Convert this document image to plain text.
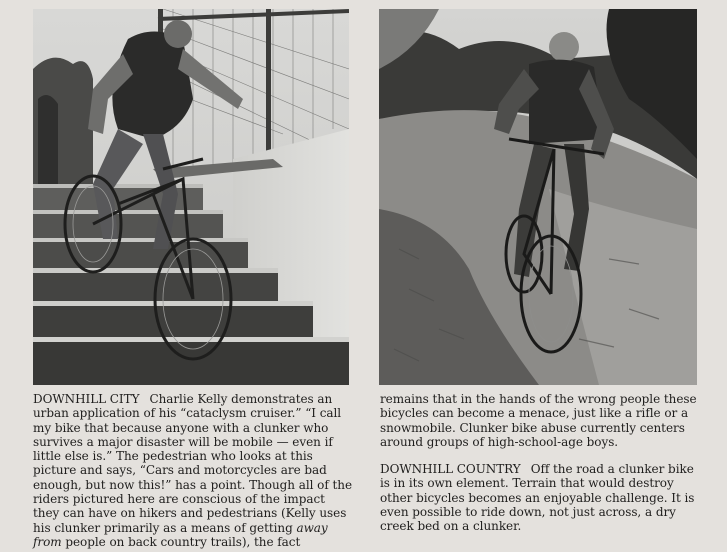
DOWNHILL CITY Charlie Kelly demonstrates an urban application of his “cataclysm cruiser.” “I call my bike that because anyone with a clunker who survives a major disaster will be mobile — even if little else is.” The pedestrian who looks at this picture and says, “Cars and motorcycles are bad enough, but now this!” has a point. Though all of the riders pictured here are conscious of the impact they can have on hikers and pedestrians (Kelly uses his clunker primarily as a means of getting away from people on back country trails), the fact

remains that in the hands of the wrong people these bicycles can become a menace, just like a rifle or a snowmobile. Clunker bike abuse currently centers around groups of high-school-age boys.

DOWNHILL COUNTRY Off the road a clunker bike is in its own element. Terrain that would destroy other bicycles becomes an enjoyable challenge. It is even possible to ride down, not just across, a dry creek bed on a clunker.
